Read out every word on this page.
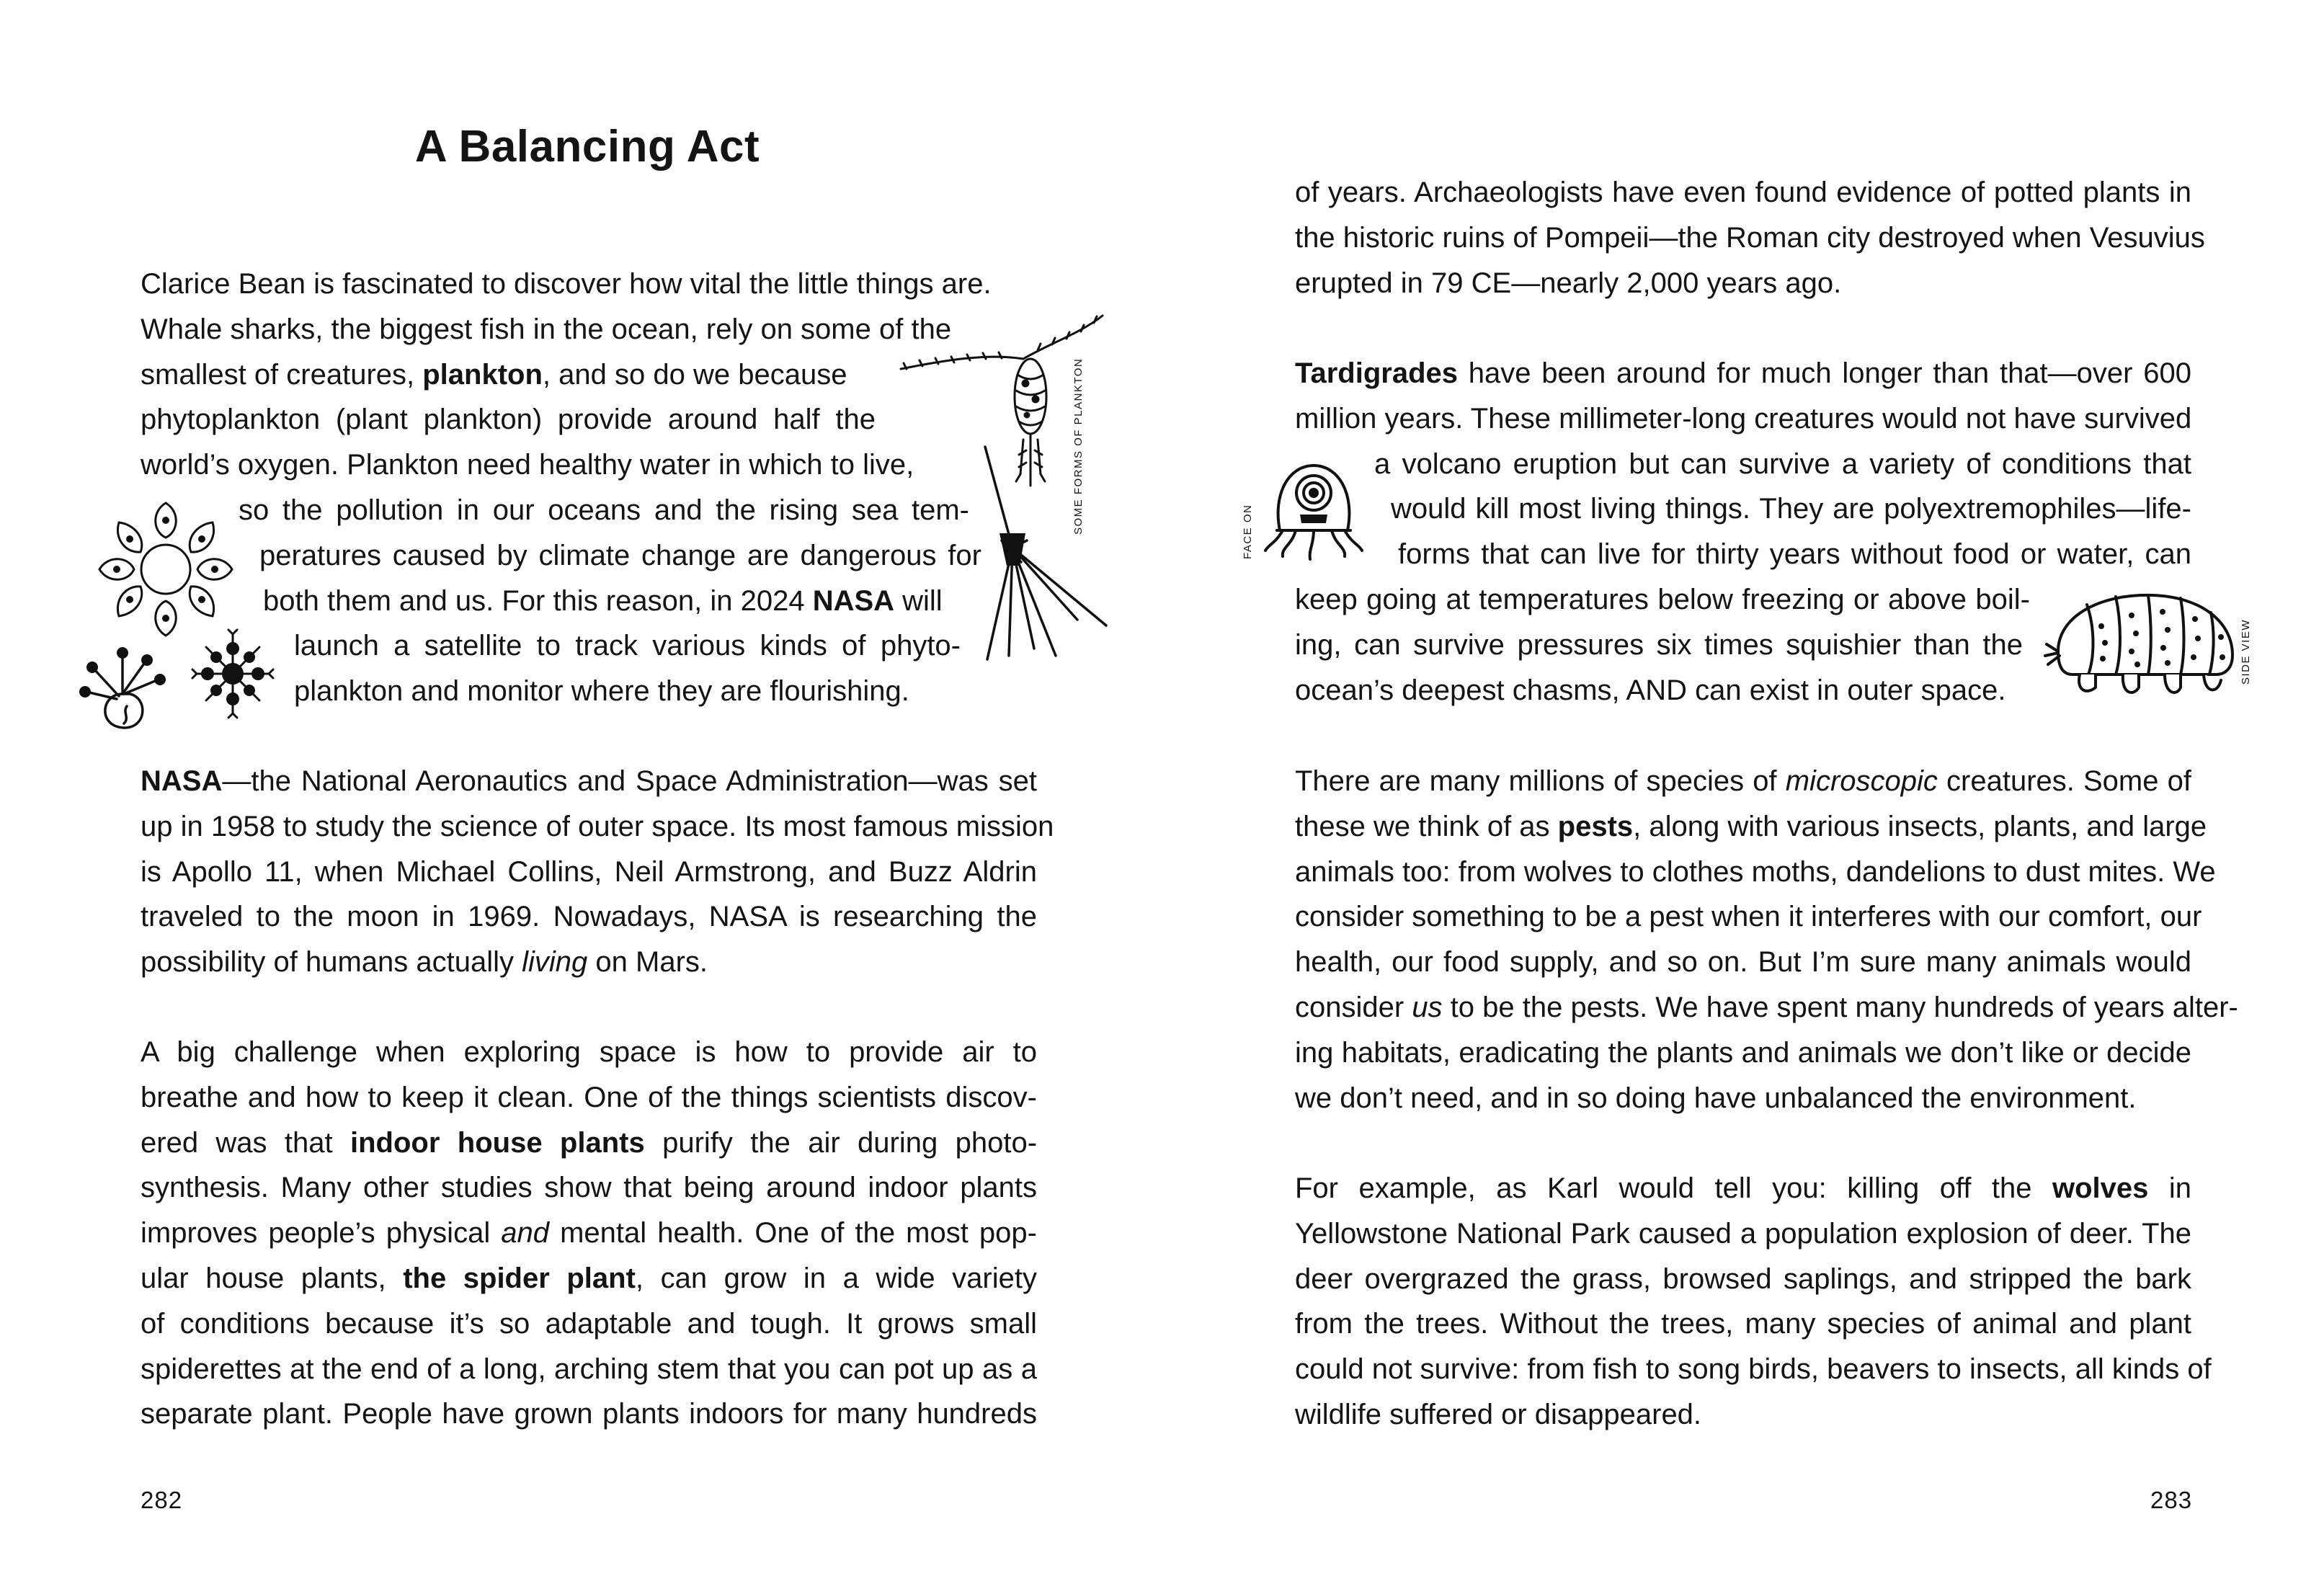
A Balancing Act
Clarice Bean is fascinated to discover how vital the little things are.
Whale sharks, the biggest fish in the ocean, rely on some of the
smallest of creatures, plankton, and so do we because
phytoplankton (plant plankton) provide around half the
world’s oxygen. Plankton need healthy water in which to live,
so the pollution in our oceans and the rising sea tem-
peratures caused by climate change are dangerous for
both them and us. For this reason, in 2024 NASA will
launch a satellite to track various kinds of phyto-
plankton and monitor where they are flourishing.
NASA—the National Aeronautics and Space Administration—was set
up in 1958 to study the science of outer space. Its most famous mission
is Apollo 11, when Michael Collins, Neil Armstrong, and Buzz Aldrin
traveled to the moon in 1969. Nowadays, NASA is researching the
possibility of humans actually living on Mars.
A big challenge when exploring space is how to provide air to
breathe and how to keep it clean. One of the things scientists discov-
ered was that indoor house plants purify the air during photo-
synthesis. Many other studies show that being around indoor plants
improves people’s physical and mental health. One of the most pop-
ular house plants, the spider plant, can grow in a wide variety
of conditions because it’s so adaptable and tough. It grows small
spiderettes at the end of a long, arching stem that you can pot up as a
separate plant. People have grown plants indoors for many hundreds
SOME FORMS OF PLANKTON
282
of years. Archaeologists have even found evidence of potted plants in
the historic ruins of Pompeii—the Roman city destroyed when Vesuvius
erupted in 79 CE—nearly 2,000 years ago.
Tardigrades have been around for much longer than that—over 600
million years. These millimeter-long creatures would not have survived
a volcano eruption but can survive a variety of conditions that
would kill most living things. They are polyextremophiles—life-
forms that can live for thirty years without food or water, can
keep going at temperatures below freezing or above boil-
ing, can survive pressures six times squishier than the
ocean’s deepest chasms, AND can exist in outer space.
There are many millions of species of microscopic creatures. Some of
these we think of as pests, along with various insects, plants, and large
animals too: from wolves to clothes moths, dandelions to dust mites. We
consider something to be a pest when it interferes with our comfort, our
health, our food supply, and so on. But I’m sure many animals would
consider us to be the pests. We have spent many hundreds of years alter-
ing habitats, eradicating the plants and animals we don’t like or decide
we don’t need, and in so doing have unbalanced the environment.
For example, as Karl would tell you: killing off the wolves in
Yellowstone National Park caused a population explosion of deer. The
deer overgrazed the grass, browsed saplings, and stripped the bark
from the trees. Without the trees, many species of animal and plant
could not survive: from fish to song birds, beavers to insects, all kinds of
wildlife suffered or disappeared.
FACE ON
SIDE VIEW
283
